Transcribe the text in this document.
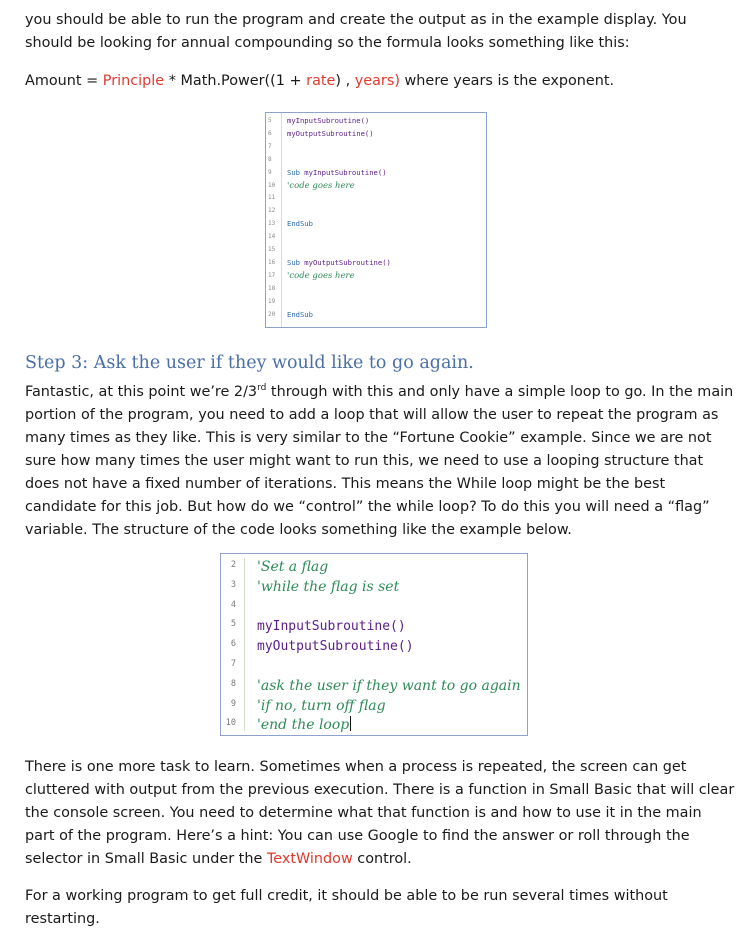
you should be able to run the program and create the output as in the example display. You should be looking for annual compounding so the formula looks something like this:

Amount = Principle * Math.Power((1 + rate) , years) where years is the exponent.

5	myInputSubroutine()
6	myOutputSubroutine()
7
8
9	Sub myInputSubroutine()
10	'code goes here
11
12
13	EndSub
14
15
16	Sub myOutputSubroutine()
17	'code goes here
18
19
20	EndSub
Step 3: Ask the user if they would like to go again.

Fantastic, at this point we’re 2/3rd through with this and only have a simple loop to go. In the main portion of the program, you need to add a loop that will allow the user to repeat the program as many times as they like. This is very similar to the “Fortune Cookie” example. Since we are not sure how many times the user might want to run this, we need to use a looping structure that does not have a fixed number of iterations. This means the While loop might be the best candidate for this job. But how do we “control” the while loop? To do this you will need a “flag” variable. The structure of the code looks something like the example below.

2 'Set a flag
3 'while the flag is set
4
5 myInputSubroutine()
6 myOutputSubroutine()
7
8 'ask the user if they want to go again
9 'if no, turn off flag
10 'end the loop

There is one more task to learn. Sometimes when a process is repeated, the screen can get cluttered with output from the previous execution. There is a function in Small Basic that will clear the console screen. You need to determine what that function is and how to use it in the main part of the program. Here’s a hint: You can use Google to find the answer or roll through the selector in Small Basic under the TextWindow control.

For a working program to get full credit, it should be able to be run several times without restarting.
